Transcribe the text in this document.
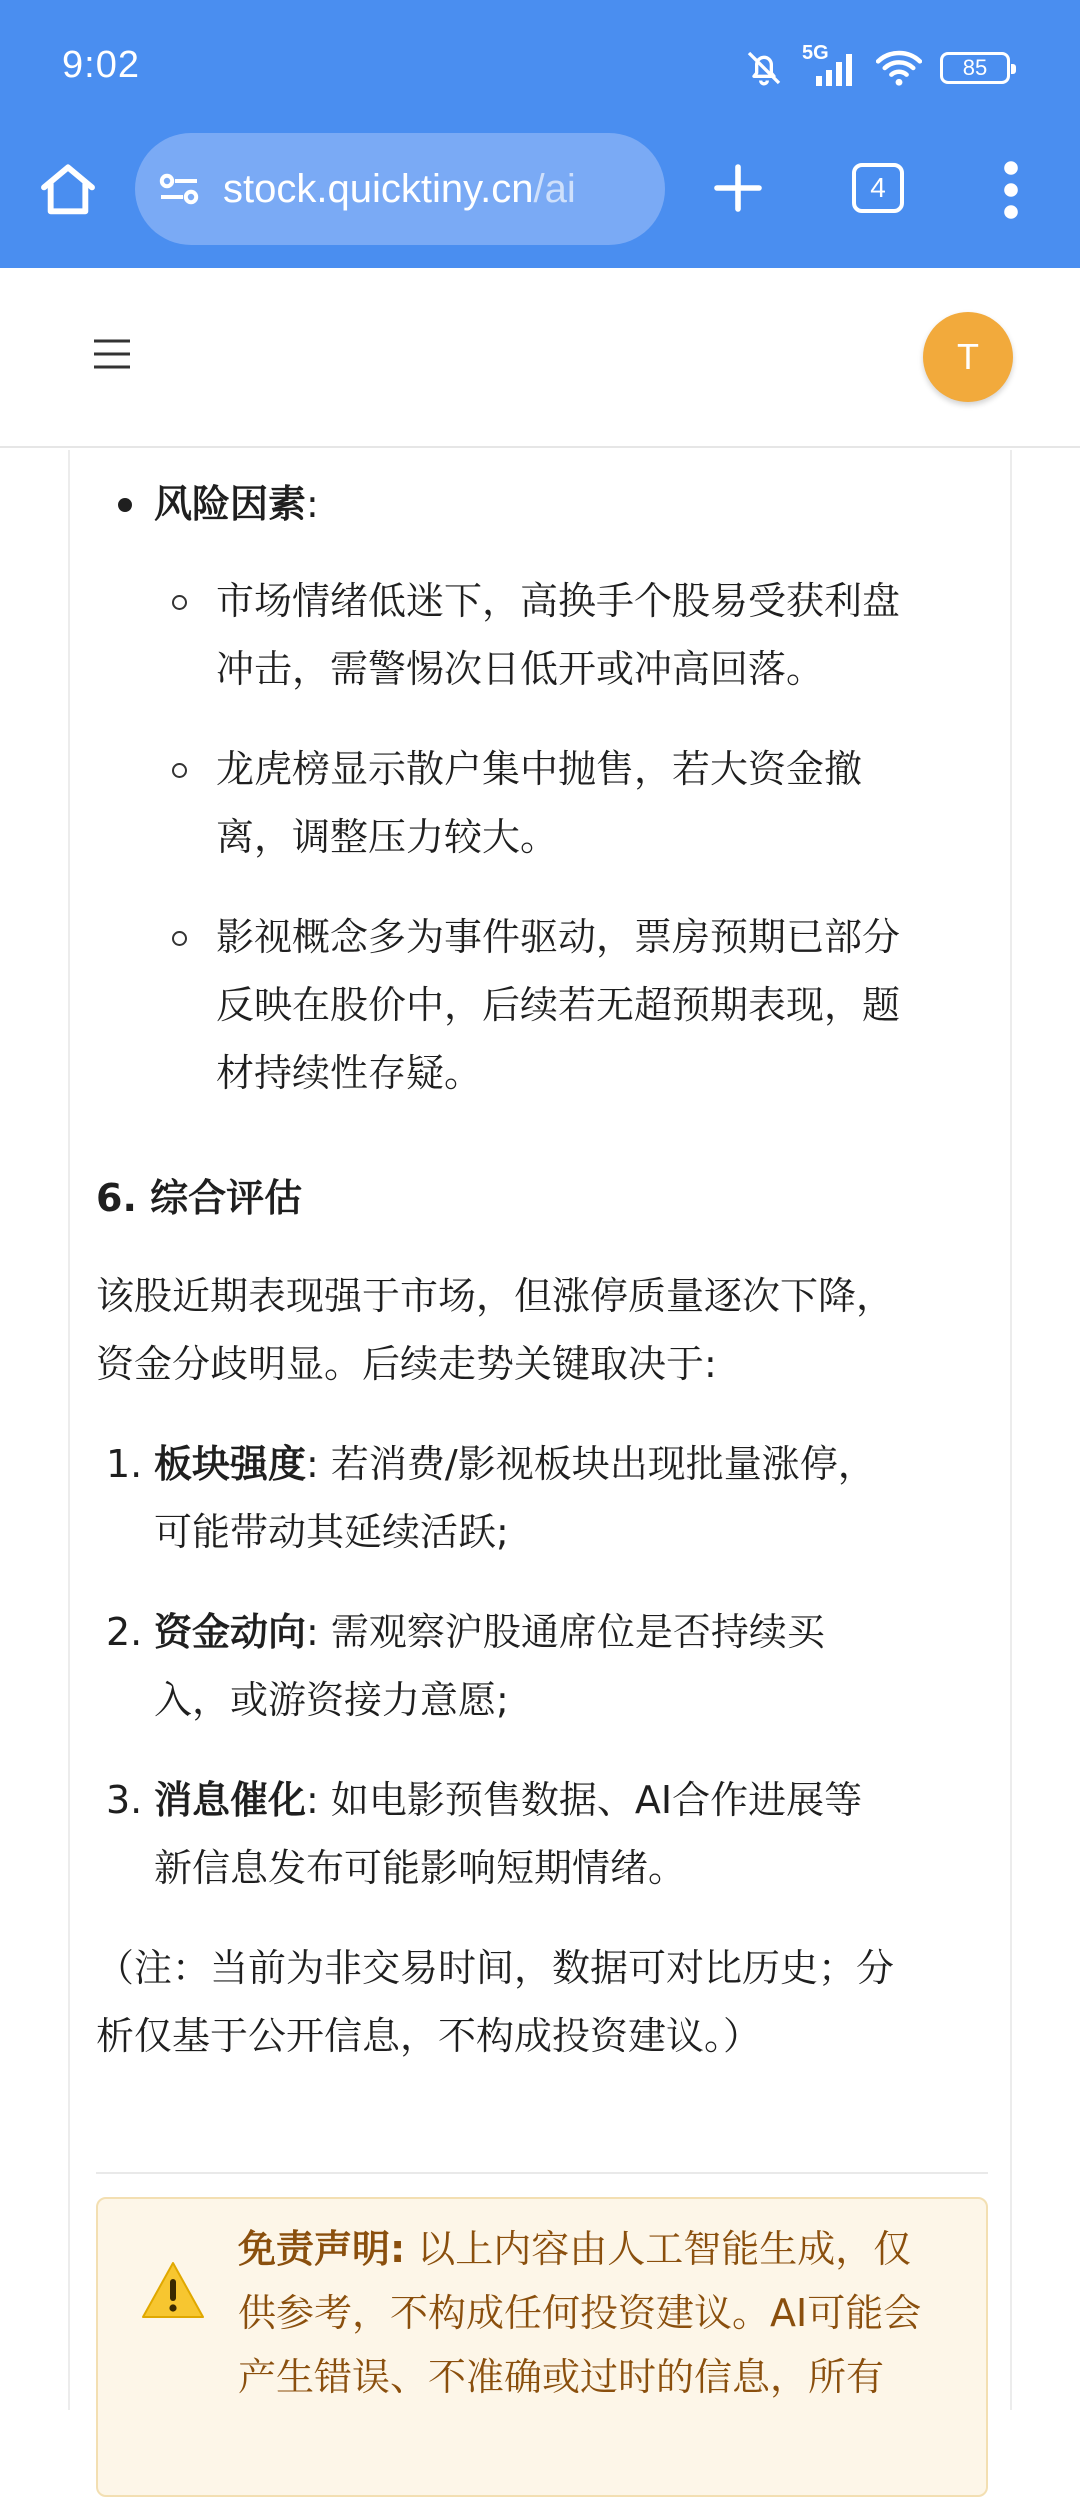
9:02	5G
85
stock.quicktiny.cn/ai	4
T
风险因素:
市场情绪低迷下，高换手个股易受获利盘
冲击，需警惕次日低开或冲高回落。
龙虎榜显示散户集中抛售，若大资金撤
离，调整压力较大。
影视概念多为事件驱动，票房预期已部分
反映在股价中，后续若无超预期表现，题
材持续性存疑。
6. 综合评估
该股近期表现强于市场，但涨停质量逐次下降，
资金分歧明显。后续走势关键取决于:
1. 板块强度: 若消费/影视板块出现批量涨停，
可能带动其延续活跃;
2. 资金动向: 需观察沪股通席位是否持续买
入，或游资接力意愿;
3. 消息催化: 如电影预售数据、AI合作进展等
新信息发布可能影响短期情绪。
（注：当前为非交易时间，数据可对比历史；分
析仅基于公开信息，不构成投资建议。）
免责声明: 以上内容由人工智能生成，仅
供参考，不构成任何投资建议。AI可能会
产生错误、不准确或过时的信息，所有
